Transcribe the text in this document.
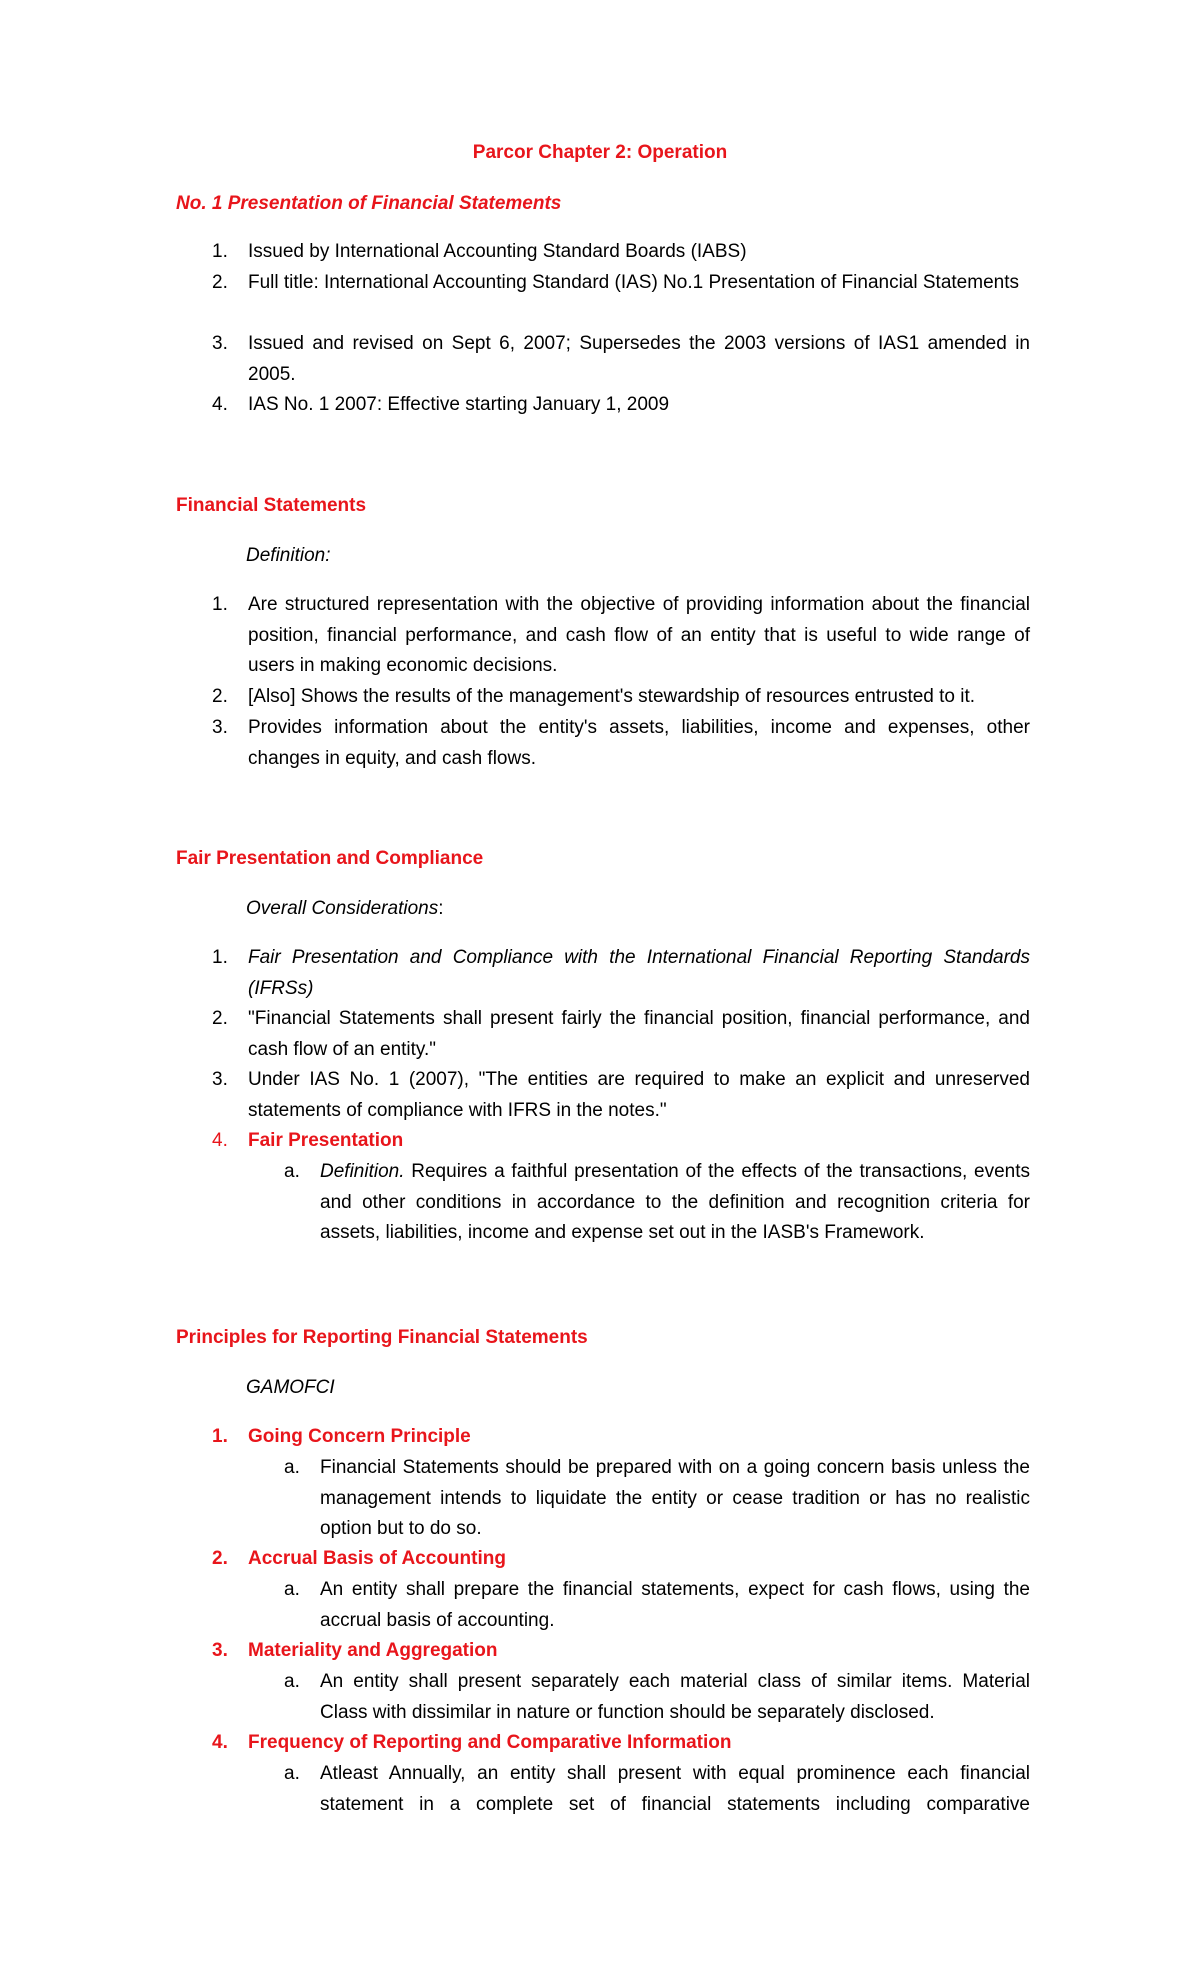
Parcor Chapter 2: Operation
No. 1 Presentation of Financial Statements
1.	Issued by International Accounting Standard Boards (IABS)
2.	Full title: International Accounting Standard (IAS) No.1 Presentation of Financial Statements
3.	Issued and revised on Sept 6, 2007; Supersedes the 2003 versions of IAS1 amended in 2005.
4.	IAS No. 1 2007: Effective starting January 1, 2009
Financial Statements
Definition:
1.	Are structured representation with the objective of providing information about the financial position, financial performance, and cash flow of an entity that is useful to wide range of users in making economic decisions.
2.	[Also] Shows the results of the management's stewardship of resources entrusted to it.
3.	Provides information about the entity's assets, liabilities, income and expenses, other changes in equity, and cash flows.
Fair Presentation and Compliance
Overall Considerations:
1.	Fair Presentation and Compliance with the International Financial Reporting Standards (IFRSs)
2.	"Financial Statements shall present fairly the financial position, financial performance, and cash flow of an entity."
3.	Under IAS No. 1 (2007), "The entities are required to make an explicit and unreserved statements of compliance with IFRS in the notes."
4.	Fair Presentation
a.	Definition. Requires a faithful presentation of the effects of the transactions, events and other conditions in accordance to the definition and recognition criteria for assets, liabilities, income and expense set out in the IASB's Framework.
Principles for Reporting Financial Statements
GAMOFCI
1.	Going Concern Principle
a.	Financial Statements should be prepared with on a going concern basis unless the management intends to liquidate the entity or cease tradition or has no realistic option but to do so.
2.	Accrual Basis of Accounting
a.	An entity shall prepare the financial statements, expect for cash flows, using the accrual basis of accounting.
3.	Materiality and Aggregation
a.	An entity shall present separately each material class of similar items. Material Class with dissimilar in nature or function should be separately disclosed.
4.	Frequency of Reporting and Comparative Information
a.	Atleast Annually, an entity shall present with equal prominence each financial statement in a complete set of financial statements including comparative
